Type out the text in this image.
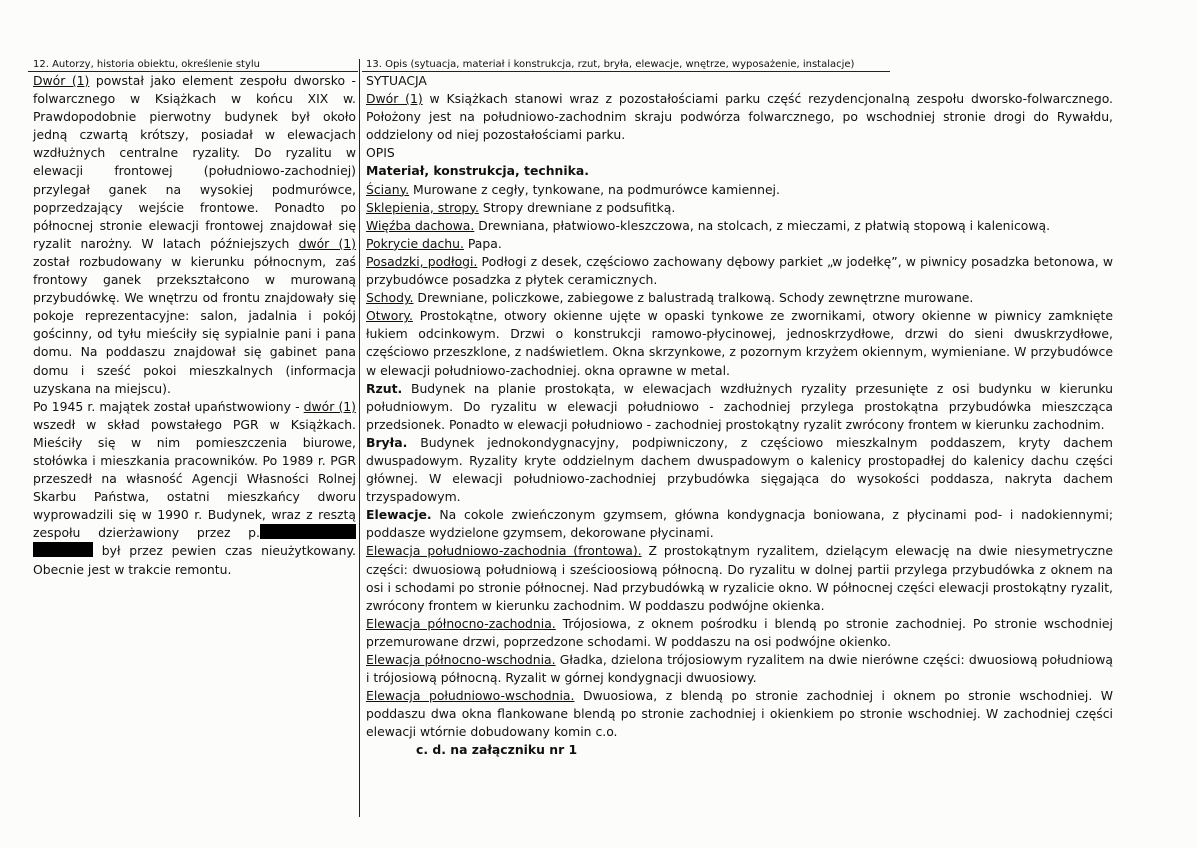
12. Autorzy, historia obiektu, określenie stylu	13. Opis (sytuacja, materiał i konstrukcja, rzut, bryła, elewacje, wnętrze, wyposażenie, instalacje)

Dwór (1) powstał jako element zespołu dworsko - folwarcznego w Książkach w końcu XIX w. Prawdopodobnie pierwotny budynek był około jedną czwartą krótszy, posiadał w elewacjach wzdłużnych centralne ryzality. Do ryzalitu w elewacji frontowej (południowo-zachodniej) przylegał ganek na wysokiej podmurówce, poprzedzający wejście frontowe. Ponadto po północnej stronie elewacji frontowej znajdował się ryzalit narożny. W latach późniejszych dwór (1) został rozbudowany w kierunku północnym, zaś frontowy ganek przekształcono w murowaną przybudówkę. We wnętrzu od frontu znajdowały się pokoje reprezentacyjne: salon, jadalnia i pokój gościnny, od tyłu mieściły się sypialnie pani i pana domu. Na poddaszu znajdował się gabinet pana domu i sześć pokoi mieszkalnych (informacja uzyskana na miejscu).

Po 1945 r. majątek został upaństwowiony - dwór (1) wszedł w skład powstałego PGR w Książkach. Mieściły się w nim pomieszczenia biurowe, stołówka i mieszkania pracowników. Po 1989 r. PGR przeszedł na własność Agencji Własności Rolnej Skarbu Państwa, ostatni mieszkańcy dworu wyprowadzili się w 1990 r. Budynek, wraz z resztą zespołu dzierżawiony przez p.  był przez pewien czas nieużytkowany. Obecnie jest w trakcie remontu.

SYTUACJA

Dwór (1) w Książkach stanowi wraz z pozostałościami parku część rezydencjonalną zespołu dworsko-folwarcznego. Położony jest na południowo-zachodnim skraju podwórza folwarcznego, po wschodniej stronie drogi do Rywałdu, oddzielony od niej pozostałościami parku.

OPIS

Materiał, konstrukcja, technika.

Ściany. Murowane z cegły, tynkowane, na podmurówce kamiennej.

Sklepienia, stropy. Stropy drewniane z podsufitką.

Więźba dachowa. Drewniana, płatwiowo-kleszczowa, na stolcach, z mieczami, z płatwią stopową i kalenicową.

Pokrycie dachu. Papa.

Posadzki, podłogi. Podłogi z desek, częściowo zachowany dębowy parkiet „w jodełkę”, w piwnicy posadzka betonowa, w przybudówce posadzka z płytek ceramicznych.

Schody. Drewniane, policzkowe, zabiegowe z balustradą tralkową. Schody zewnętrzne murowane.

Otwory. Prostokątne, otwory okienne ujęte w opaski tynkowe ze zwornikami, otwory okienne w piwnicy zamknięte łukiem odcinkowym. Drzwi o konstrukcji ramowo-płycinowej, jednoskrzydłowe, drzwi do sieni dwuskrzydłowe, częściowo przeszklone, z nadświetlem. Okna skrzynkowe, z pozornym krzyżem okiennym, wymieniane. W przybudówce w elewacji południowo-zachodniej. okna oprawne w metal.

Rzut. Budynek na planie prostokąta, w elewacjach wzdłużnych ryzality przesunięte z osi budynku w kierunku południowym. Do ryzalitu w elewacji południowo - zachodniej przylega prostokątna przybudówka mieszcząca przedsionek. Ponadto w elewacji południowo - zachodniej prostokątny ryzalit zwrócony frontem w kierunku zachodnim.

Bryła. Budynek jednokondygnacyjny, podpiwniczony, z częściowo mieszkalnym poddaszem, kryty dachem dwuspadowym. Ryzality kryte oddzielnym dachem dwuspadowym o kalenicy prostopadłej do kalenicy dachu części głównej. W elewacji południowo-zachodniej przybudówka sięgająca do wysokości poddasza, nakryta dachem trzyspadowym.

Elewacje. Na cokole zwieńczonym gzymsem, główna kondygnacja boniowana, z płycinami pod- i nadokiennymi; poddasze wydzielone gzymsem, dekorowane płycinami.

Elewacja południowo-zachodnia (frontowa). Z prostokątnym ryzalitem, dzielącym elewację na dwie niesymetryczne części: dwuosiową południową i sześcioosiową północną. Do ryzalitu w dolnej partii przylega przybudówka z oknem na osi i schodami po stronie północnej. Nad przybudówką w ryzalicie okno. W północnej części elewacji prostokątny ryzalit, zwrócony frontem w kierunku zachodnim. W poddaszu podwójne okienka.

Elewacja północno-zachodnia. Trójosiowa, z oknem pośrodku i blendą po stronie zachodniej. Po stronie wschodniej przemurowane drzwi, poprzedzone schodami. W poddaszu na osi podwójne okienko.

Elewacja północno-wschodnia. Gładka, dzielona trójosiowym ryzalitem na dwie nierówne części: dwuosiową południową i trójosiową północną. Ryzalit w górnej kondygnacji dwuosiowy.

Elewacja południowo-wschodnia. Dwuosiowa, z blendą po stronie zachodniej i oknem po stronie wschodniej. W poddaszu dwa okna flankowane blendą po stronie zachodniej i okienkiem po stronie wschodniej. W zachodniej części elewacji wtórnie dobudowany komin c.o.

c. d. na załączniku nr 1
